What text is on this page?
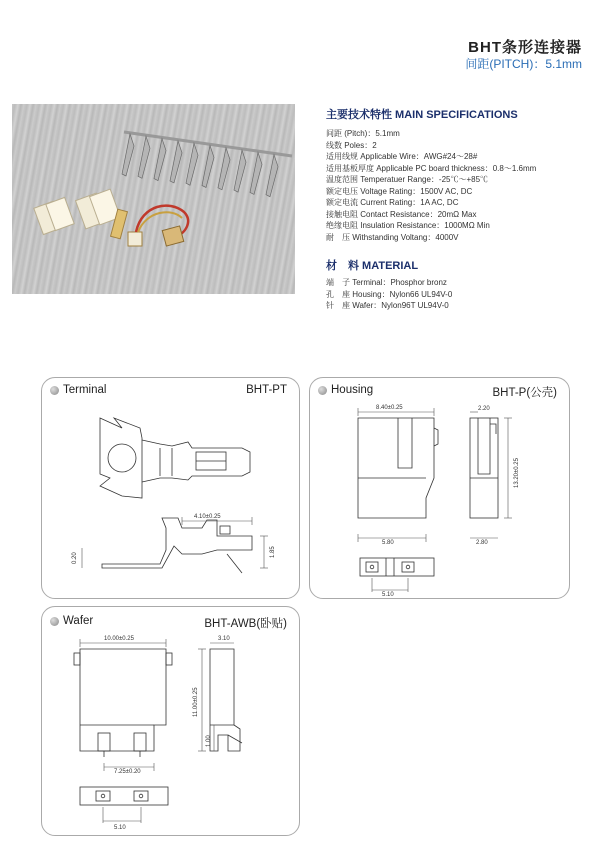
BHT条形连接器
间距(PITCH)：5.1mm
主要技术特性 MAIN SPECIFICATIONS
间距 (Pitch)：5.1mm
线数 Poles：2
适用线规 Applicable Wire：AWG#24～28#
适用基板厚度 Applicable PC board thickness：0.8～1.6mm
温度范围 Temperatuer Range：-25℃～+85℃
额定电压 Voltage Rating：1500V AC, DC
额定电流 Current Rating：1A AC, DC
接触电阻 Contact Resistance：20mΩ Max
绝缘电阻 Insulation Resistance：1000MΩ Min
耐　压 Withstanding Voltang：4000V
材　料 MATERIAL
端　子 Terminal：Phosphor bronz
孔　座 Housing：Nylon66 UL94V-0
针　座 Wafer：Nylon96T UL94V-0
Terminal	BHT-PT
4.10±0.25
1.85
0.20
Housing	BHT-P(公壳)
8.40±0.25	2.20
13.20±0.25
5.80	2.80
5.10
Wafer	BHT-AWB(卧贴)
10.00±0.25	3.10
11.00±0.25
1.00
7.25±0.20
5.10
